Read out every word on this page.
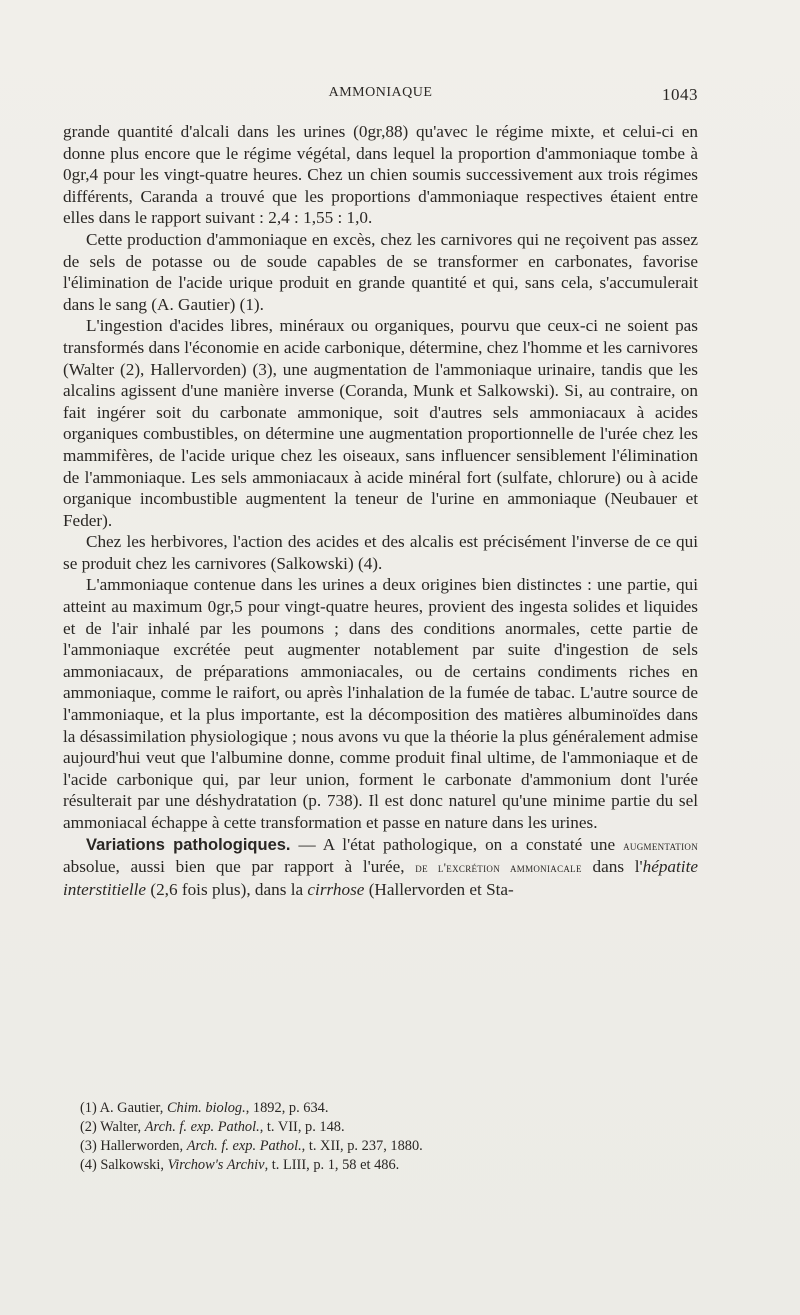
AMMONIAQUE	1043

grande quantité d'alcali dans les urines (0gr,88) qu'avec le régime mixte, et celui-ci en donne plus encore que le régime végétal, dans lequel la proportion d'ammoniaque tombe à 0gr,4 pour les vingt-quatre heures. Chez un chien soumis successivement aux trois régimes différents, Caranda a trouvé que les proportions d'ammoniaque respectives étaient entre elles dans le rapport suivant : 2,4 : 1,55 : 1,0.

Cette production d'ammoniaque en excès, chez les carnivores qui ne reçoivent pas assez de sels de potasse ou de soude capables de se transformer en carbonates, favorise l'élimination de l'acide urique produit en grande quantité et qui, sans cela, s'accumulerait dans le sang (A. Gautier) (1).

L'ingestion d'acides libres, minéraux ou organiques, pourvu que ceux-ci ne soient pas transformés dans l'économie en acide carbonique, détermine, chez l'homme et les carnivores (Walter (2), Hallervorden) (3), une augmentation de l'ammoniaque urinaire, tandis que les alcalins agissent d'une manière inverse (Coranda, Munk et Salkowski). Si, au contraire, on fait ingérer soit du carbonate ammonique, soit d'autres sels ammoniacaux à acides organiques combustibles, on détermine une augmentation proportionnelle de l'urée chez les mammifères, de l'acide urique chez les oiseaux, sans influencer sensiblement l'élimination de l'ammoniaque. Les sels ammoniacaux à acide minéral fort (sulfate, chlorure) ou à acide organique incombustible augmentent la teneur de l'urine en ammoniaque (Neubauer et Feder).

Chez les herbivores, l'action des acides et des alcalis est précisément l'inverse de ce qui se produit chez les carnivores (Salkowski) (4).

L'ammoniaque contenue dans les urines a deux origines bien distinctes : une partie, qui atteint au maximum 0gr,5 pour vingt-quatre heures, provient des ingesta solides et liquides et de l'air inhalé par les poumons ; dans des conditions anormales, cette partie de l'ammoniaque excrétée peut augmenter notablement par suite d'ingestion de sels ammoniacaux, de préparations ammoniacales, ou de certains condiments riches en ammoniaque, comme le raifort, ou après l'inhalation de la fumée de tabac. L'autre source de l'ammoniaque, et la plus importante, est la décomposition des matières albuminoïdes dans la désassimilation physiologique ; nous avons vu que la théorie la plus généralement admise aujourd'hui veut que l'albumine donne, comme produit final ultime, de l'ammoniaque et de l'acide carbonique qui, par leur union, forment le carbonate d'ammonium dont l'urée résulterait par une déshydratation (p. 738). Il est donc naturel qu'une minime partie du sel ammoniacal échappe à cette transformation et passe en nature dans les urines.

Variations pathologiques. — A l'état pathologique, on a constaté une augmentation absolue, aussi bien que par rapport à l'urée, de l'excrétion ammoniacale dans l'hépatite interstitielle (2,6 fois plus), dans la cirrhose (Hallervorden et Sta-

(1) A. Gautier, Chim. biolog., 1892, p. 634.
(2) Walter, Arch. f. exp. Pathol., t. VII, p. 148.
(3) Hallerworden, Arch. f. exp. Pathol., t. XII, p. 237, 1880.
(4) Salkowski, Virchow's Archiv, t. LIII, p. 1, 58 et 486.
